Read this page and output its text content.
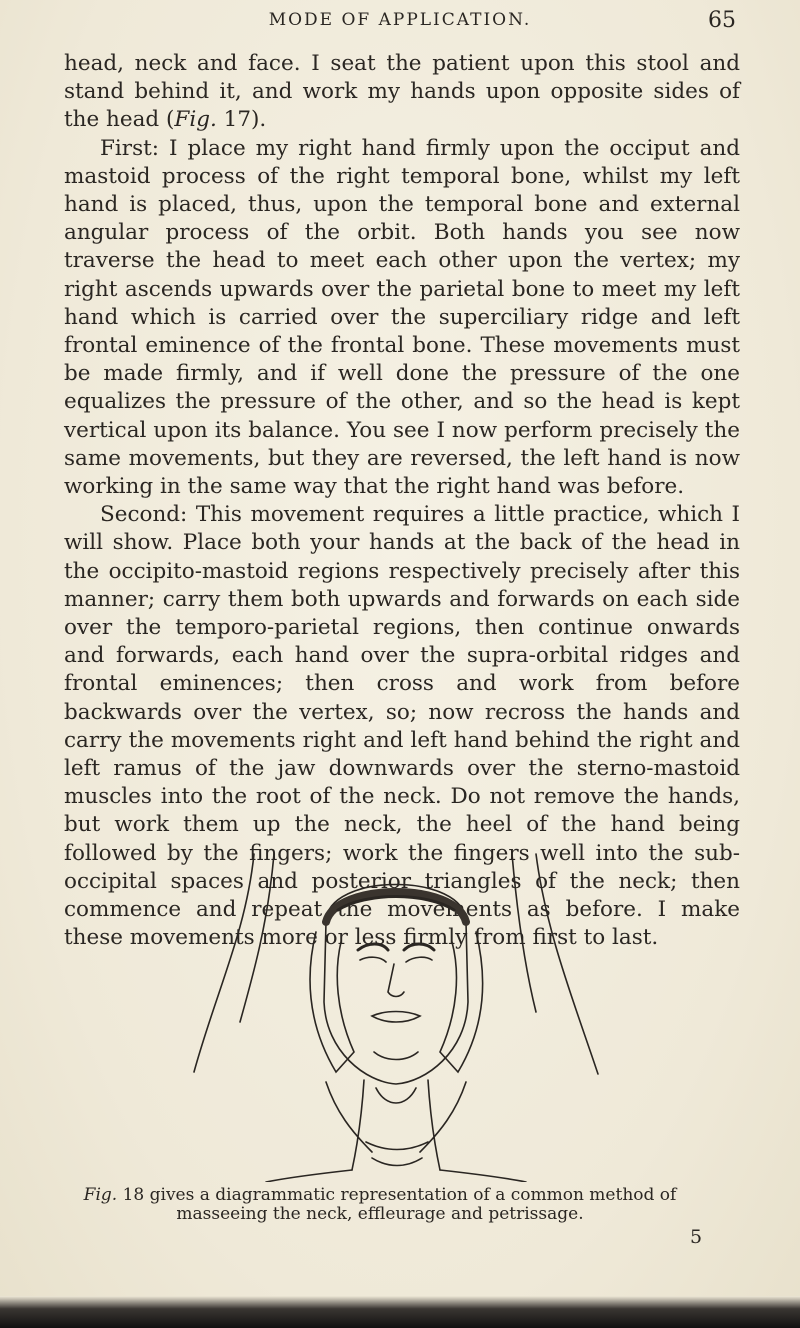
MODE OF APPLICATION.	65

head, neck and face. I seat the patient upon this stool and stand behind it, and work my hands upon opposite sides of the head (Fig. 17).

First: I place my right hand firmly upon the occiput and mastoid process of the right temporal bone, whilst my left hand is placed, thus, upon the temporal bone and external angular process of the orbit. Both hands you see now traverse the head to meet each other upon the vertex; my right ascends upwards over the parietal bone to meet my left hand which is carried over the superciliary ridge and left frontal eminence of the frontal bone. These movements must be made firmly, and if well done the pressure of the one equalizes the pressure of the other, and so the head is kept vertical upon its balance. You see I now perform precisely the same movements, but they are reversed, the left hand is now working in the same way that the right hand was before.

Second: This movement requires a little practice, which I will show. Place both your hands at the back of the head in the occipito-mastoid regions respectively precisely after this manner; carry them both upwards and forwards on each side over the temporo-parietal regions, then continue onwards and forwards, each hand over the supra-orbital ridges and frontal eminences; then cross and work from before backwards over the vertex, so; now recross the hands and carry the movements right and left hand behind the right and left ramus of the jaw downwards over the sterno-mastoid muscles into the root of the neck. Do not remove the hands, but work them up the neck, the heel of the hand being followed by the fingers; work the fingers well into the sub-occipital spaces and posterior triangles of the neck; then commence and repeat the movements as before. I make these movements more or less firmly from first to last.

Fig. 18 gives a diagrammatic representation of a common method of masseeing the neck, effleurage and petrissage.
5
